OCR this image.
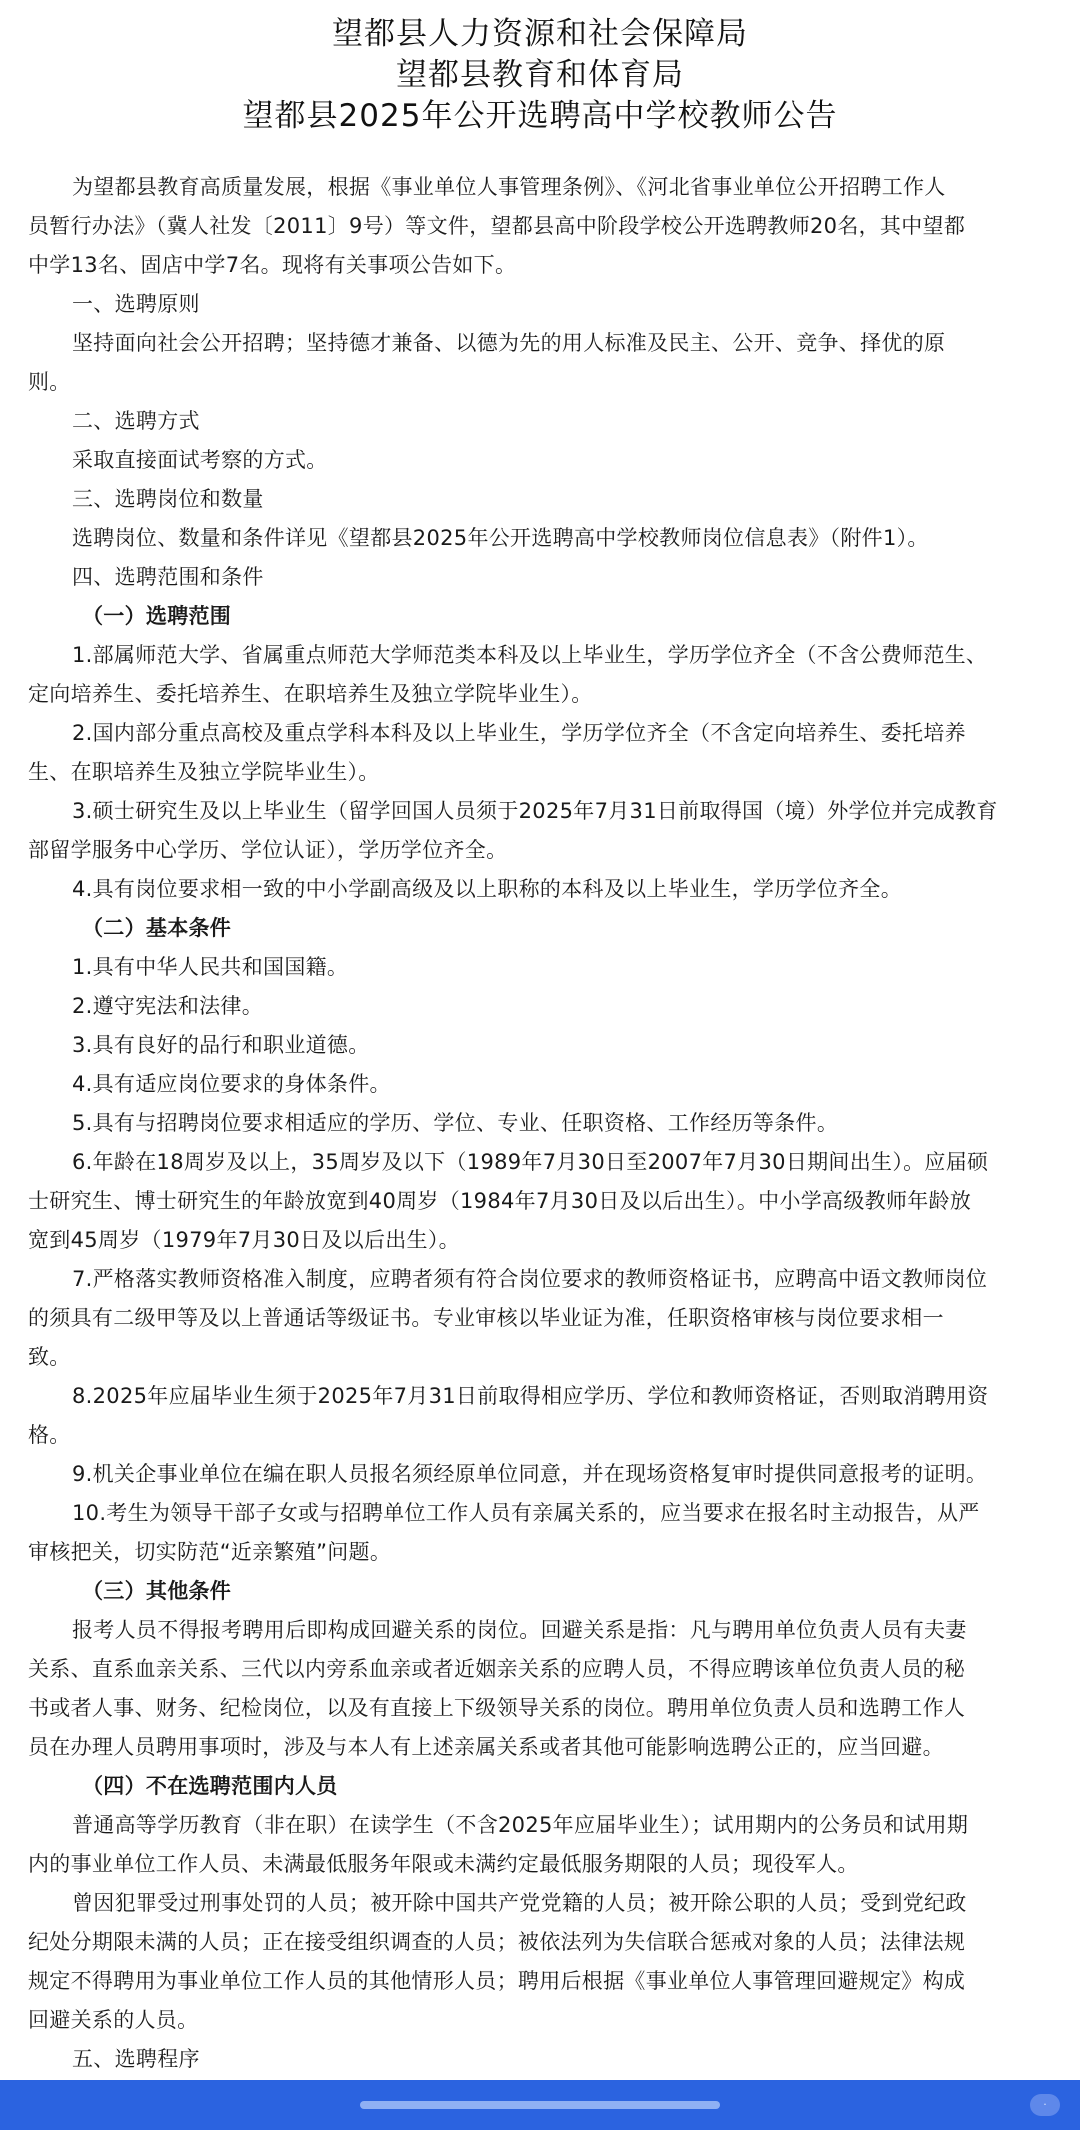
望都县人力资源和社会保障局
望都县教育和体育局
望都县2025年公开选聘高中学校教师公告
为望都县教育高质量发展，根据《事业单位人事管理条例》、《河北省事业单位公开招聘工作人
员暂行办法》（冀人社发〔2011〕9号）等文件，望都县高中阶段学校公开选聘教师20名，其中望都
中学13名、固店中学7名。现将有关事项公告如下。
一、选聘原则
坚持面向社会公开招聘；坚持德才兼备、以德为先的用人标准及民主、公开、竞争、择优的原
则。
二、选聘方式
采取直接面试考察的方式。
三、选聘岗位和数量
选聘岗位、数量和条件详见《望都县2025年公开选聘高中学校教师岗位信息表》（附件1）。
四、选聘范围和条件
（一）选聘范围
1.部属师范大学、省属重点师范大学师范类本科及以上毕业生，学历学位齐全（不含公费师范生、
定向培养生、委托培养生、在职培养生及独立学院毕业生）。
2.国内部分重点高校及重点学科本科及以上毕业生，学历学位齐全（不含定向培养生、委托培养
生、在职培养生及独立学院毕业生）。
3.硕士研究生及以上毕业生（留学回国人员须于2025年7月31日前取得国（境）外学位并完成教育
部留学服务中心学历、学位认证），学历学位齐全。
4.具有岗位要求相一致的中小学副高级及以上职称的本科及以上毕业生，学历学位齐全。
（二）基本条件
1.具有中华人民共和国国籍。
2.遵守宪法和法律。
3.具有良好的品行和职业道德。
4.具有适应岗位要求的身体条件。
5.具有与招聘岗位要求相适应的学历、学位、专业、任职资格、工作经历等条件。
6.年龄在18周岁及以上，35周岁及以下（1989年7月30日至2007年7月30日期间出生）。应届硕
士研究生、博士研究生的年龄放宽到40周岁（1984年7月30日及以后出生）。中小学高级教师年龄放
宽到45周岁（1979年7月30日及以后出生）。
7.严格落实教师资格准入制度，应聘者须有符合岗位要求的教师资格证书，应聘高中语文教师岗位
的须具有二级甲等及以上普通话等级证书。专业审核以毕业证为准，任职资格审核与岗位要求相一
致。
8.2025年应届毕业生须于2025年7月31日前取得相应学历、学位和教师资格证，否则取消聘用资
格。
9.机关企事业单位在编在职人员报名须经原单位同意，并在现场资格复审时提供同意报考的证明。
10.考生为领导干部子女或与招聘单位工作人员有亲属关系的，应当要求在报名时主动报告，从严
审核把关，切实防范“近亲繁殖”问题。
（三）其他条件
报考人员不得报考聘用后即构成回避关系的岗位。回避关系是指：凡与聘用单位负责人员有夫妻
关系、直系血亲关系、三代以内旁系血亲或者近姻亲关系的应聘人员，不得应聘该单位负责人员的秘
书或者人事、财务、纪检岗位，以及有直接上下级领导关系的岗位。聘用单位负责人员和选聘工作人
员在办理人员聘用事项时，涉及与本人有上述亲属关系或者其他可能影响选聘公正的，应当回避。
（四）不在选聘范围内人员
普通高等学历教育（非在职）在读学生（不含2025年应届毕业生）；试用期内的公务员和试用期
内的事业单位工作人员、未满最低服务年限或未满约定最低服务期限的人员；现役军人。
曾因犯罪受过刑事处罚的人员；被开除中国共产党党籍的人员；被开除公职的人员；受到党纪政
纪处分期限未满的人员；正在接受组织调查的人员；被依法列为失信联合惩戒对象的人员；法律法规
规定不得聘用为事业单位工作人员的其他情形人员；聘用后根据《事业单位人事管理回避规定》构成
回避关系的人员。
五、选聘程序
·
